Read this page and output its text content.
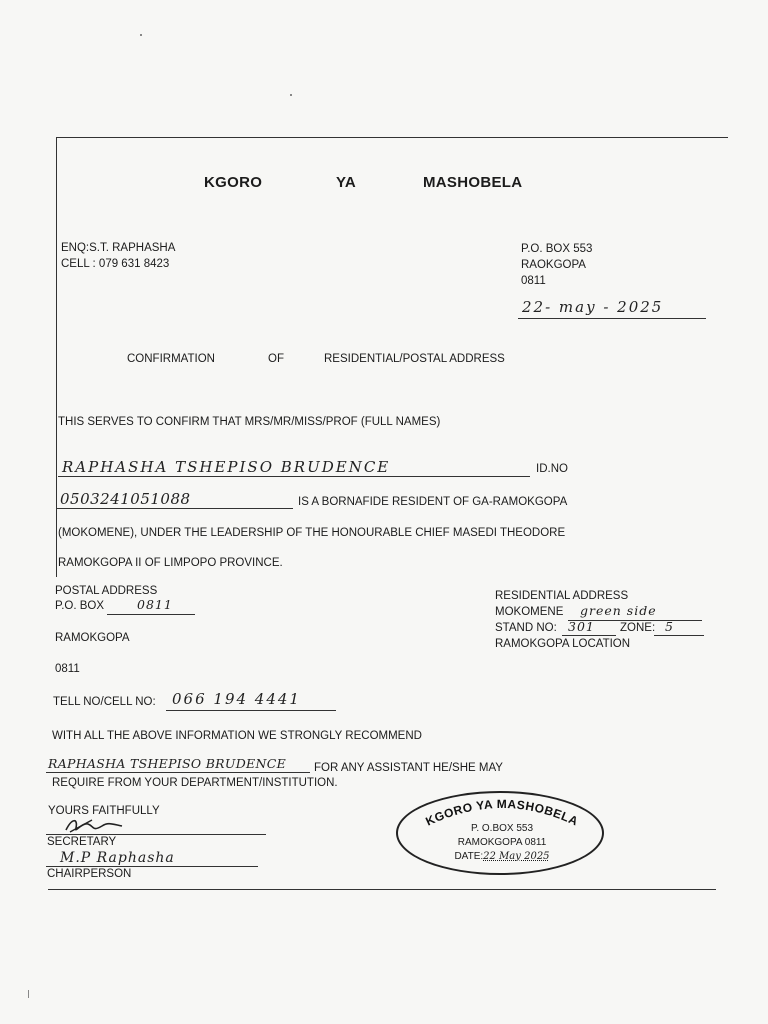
KGORO	YA	MASHOBELA
ENQ:S.T. RAPHASHA
CELL : 079 631 8423
P.O. BOX 553
RAOKGOPA
0811
22- may - 2025
CONFIRMATION	OF	RESIDENTIAL/POSTAL ADDRESS
THIS SERVES TO CONFIRM THAT MRS/MR/MISS/PROF (FULL NAMES)
RAPHASHA TSHEPISO BRUDENCE	ID.NO
0503241051088	IS A BORNAFIDE RESIDENT OF GA-RAMOKGOPA
(MOKOMENE), UNDER THE LEADERSHIP OF THE HONOURABLE CHIEF MASEDI THEODORE
RAMOKGOPA II OF LIMPOPO PROVINCE.
POSTAL ADDRESS
P.O. BOX	0811
RAMOKGOPA
0811
RESIDENTIAL ADDRESS
MOKOMENE green side
STAND NO: 301 ZONE: 5
RAMOKGOPA LOCATION
TELL NO/CELL NO: 066 194 4441
WITH ALL THE ABOVE INFORMATION WE STRONGLY RECOMMEND
RAPHASHA TSHEPISO BRUDENCE FOR ANY ASSISTANT HE/SHE MAY
REQUIRE FROM YOUR DEPARTMENT/INSTITUTION.
YOURS FAITHFULLY
SECRETARY
M.P Raphasha
CHAIRPERSON
KGORO YA MASHOBELA
P. O.BOX 553
RAMOKGOPA 0811
DATE:22 May 2025
